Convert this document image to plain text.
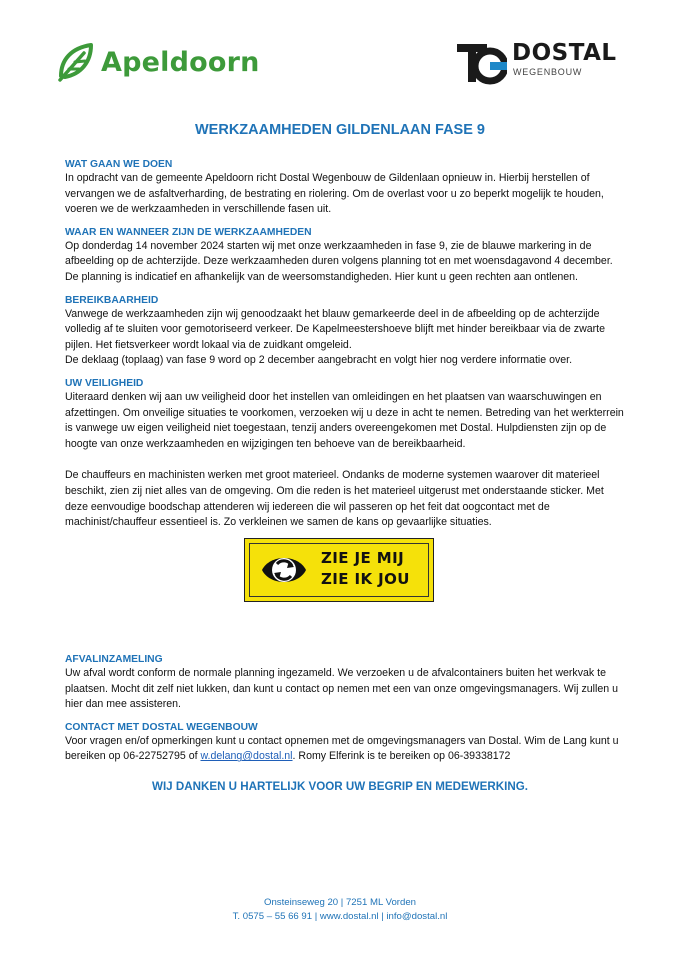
Apeldoorn	DOSTAL
WEGENBOUW
WERKZAAMHEDEN GILDENLAAN FASE 9

WAT GAAN WE DOEN

In opdracht van de gemeente Apeldoorn richt Dostal Wegenbouw de Gildenlaan opnieuw in. Hierbij herstellen of vervangen we de asfaltverharding, de bestrating en riolering. Om de overlast voor u zo beperkt mogelijk te houden, voeren we de werkzaamheden in verschillende fasen uit.

WAAR EN WANNEER ZIJN DE WERKZAAMHEDEN

Op donderdag 14 november 2024 starten wij met onze werkzaamheden in fase 9, zie de blauwe markering in de afbeelding op de achterzijde. Deze werkzaamheden duren volgens planning tot en met woensdagavond 4 december. De planning is indicatief en afhankelijk van de weersomstandigheden. Hier kunt u geen rechten aan ontlenen.

BEREIKBAARHEID

Vanwege de werkzaamheden zijn wij genoodzaakt het blauw gemarkeerde deel in de afbeelding op de achterzijde volledig af te sluiten voor gemotoriseerd verkeer. De Kapelmeestershoeve blijft met hinder bereikbaar via de zwarte pijlen. Het fietsverkeer wordt lokaal via de zuidkant omgeleid.

De deklaag (toplaag) van fase 9 word op 2 december aangebracht en volgt hier nog verdere informatie over.

UW VEILIGHEID

Uiteraard denken wij aan uw veiligheid door het instellen van omleidingen en het plaatsen van waarschuwingen en afzettingen. Om onveilige situaties te voorkomen, verzoeken wij u deze in acht te nemen. Betreding van het werkterrein is vanwege uw eigen veiligheid niet toegestaan, tenzij anders overeengekomen met Dostal. Hulpdiensten zijn op de hoogte van onze werkzaamheden en wijzigingen ten behoeve van de bereikbaarheid.

De chauffeurs en machinisten werken met groot materieel. Ondanks de moderne systemen waarover dit materieel beschikt, zien zij niet alles van de omgeving. Om die reden is het materieel uitgerust met onderstaande sticker. Met deze eenvoudige boodschap attenderen wij iedereen die wil passeren op het feit dat oogcontact met de machinist/chauffeur essentieel is. Zo verkleinen we samen de kans op gevaarlijke situaties.

ZIE JE MIJ
ZIE IK JOU

AFVALINZAMELING

Uw afval wordt conform de normale planning ingezameld. We verzoeken u de afvalcontainers buiten het werkvak te plaatsen. Mocht dit zelf niet lukken, dan kunt u contact op nemen met een van onze omgevingsmanagers. Wij zullen u hier dan mee assisteren.

CONTACT MET DOSTAL WEGENBOUW

Voor vragen en/of opmerkingen kunt u contact opnemen met de omgevingsmanagers van Dostal. Wim de Lang kunt u bereiken op 06-22752795 of w.delang@dostal.nl. Romy Elferink is te bereiken op 06-39338172

WIJ DANKEN U HARTELIJK VOOR UW BEGRIP EN MEDEWERKING.
Onsteinseweg 20 | 7251 ML Vorden
T. 0575 – 55 66 91 | www.dostal.nl | info@dostal.nl
